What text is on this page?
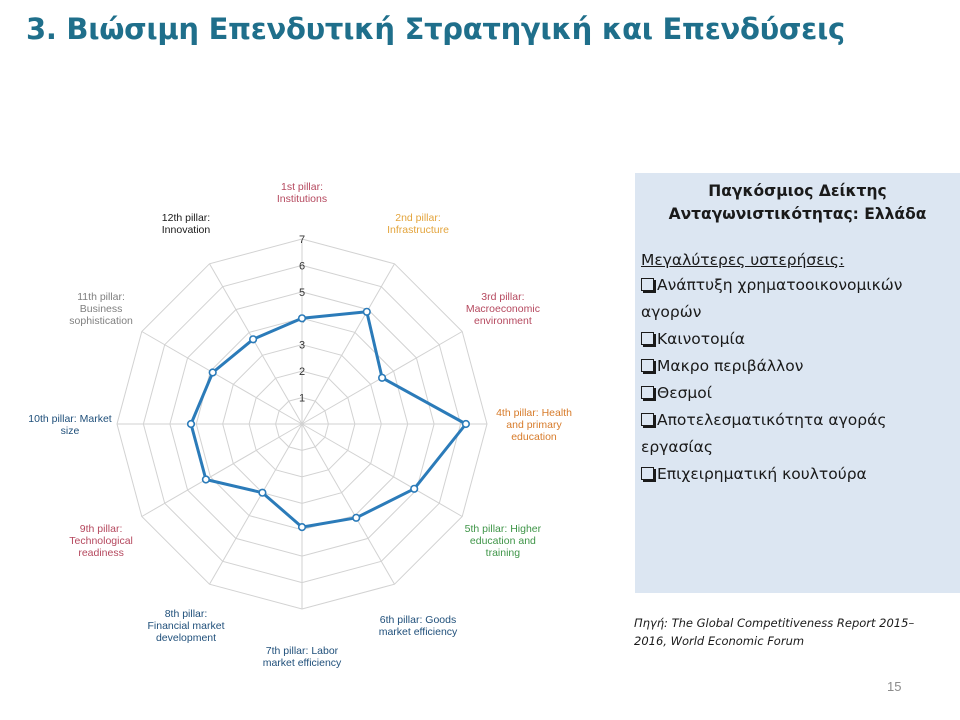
3. Βιώσιμη Επενδυτική Στρατηγική και Επενδύσεις
1
2
3
5
6
7
1st pillar: Institutions
2nd pillar: Infrastructure
3rd pillar: Macroeconomic environment
4th pillar: Health and primary education
5th pillar: Higher education and training
6th pillar: Goods market efficiency
7th pillar: Labor market efficiency
8th pillar: Financial market development
9th pillar: Technological readiness
10th pillar: Market size
11th pillar: Business sophistication
12th pillar: Innovation
Παγκόσμιος Δείκτης
Ανταγωνιστικότητας: Ελλάδα
Μεγαλύτερες υστερήσεις:
Ανάπτυξη χρηματοοικονομικών αγορών
Καινοτομία
Μακρο περιβάλλον
Θεσμοί
Αποτελεσματικότητα αγοράς εργασίας
Επιχειρηματική κουλτούρα
Πηγή: The Global Competitiveness Report 2015–2016, World Economic Forum
15
